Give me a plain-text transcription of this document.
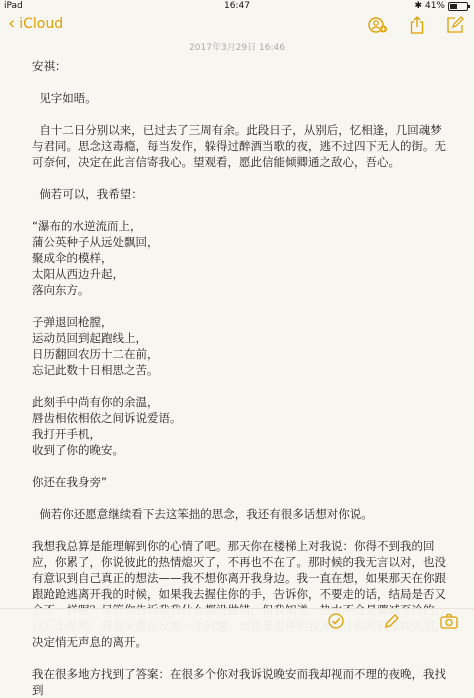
iPad	16:47	✱ 41%
‹ iCloud
2017年3月29日 16:46

安祺：

见字如晤。

自十二日分别以来，已过去了三周有余。此段日子，从别后，忆相逢，几回魂梦与君同。思念这毒瘾，每当发作，躲得过醉酒当歌的夜，逃不过四下无人的街。无可奈何，决定在此言信寄我心。望观看，愿此信能倾卿通之敌心，吾心。

倘若可以，我希望：

“瀑布的水逆流而上，

蒲公英种子从远处飘回，

聚成伞的模样，

太阳从西边升起，

落向东方。

子弹退回枪膛，

运动员回到起跑线上，

日历翻回农历十二在前，

忘记此数十日相思之苦。

此刻手中尚有你的余温，

唇齿相依相依之间诉说爱语。

我打开手机，

收到了你的晚安。

你还在我身旁”

倘若你还愿意继续看下去这笨拙的思念，我还有很多话想对你说。

我想我总算是能理解到你的心情了吧。那天你在楼梯上对我说：你得不到我的回应，你累了，你说彼此的热情熄灭了，不再也不在了。那时候的我无言以对，也没有意识到自己真正的想法——我不想你离开我身边。我一直在想，如果那天在你跟跟跄跄逃离开我的时候，如果我去握住你的手，告诉你，不要走的话，结局是否又 决定悄无声息的离开。

我在很多地方找到了答案：在很多个你对我诉说晚安而我却视而不理的夜晚，我找到
